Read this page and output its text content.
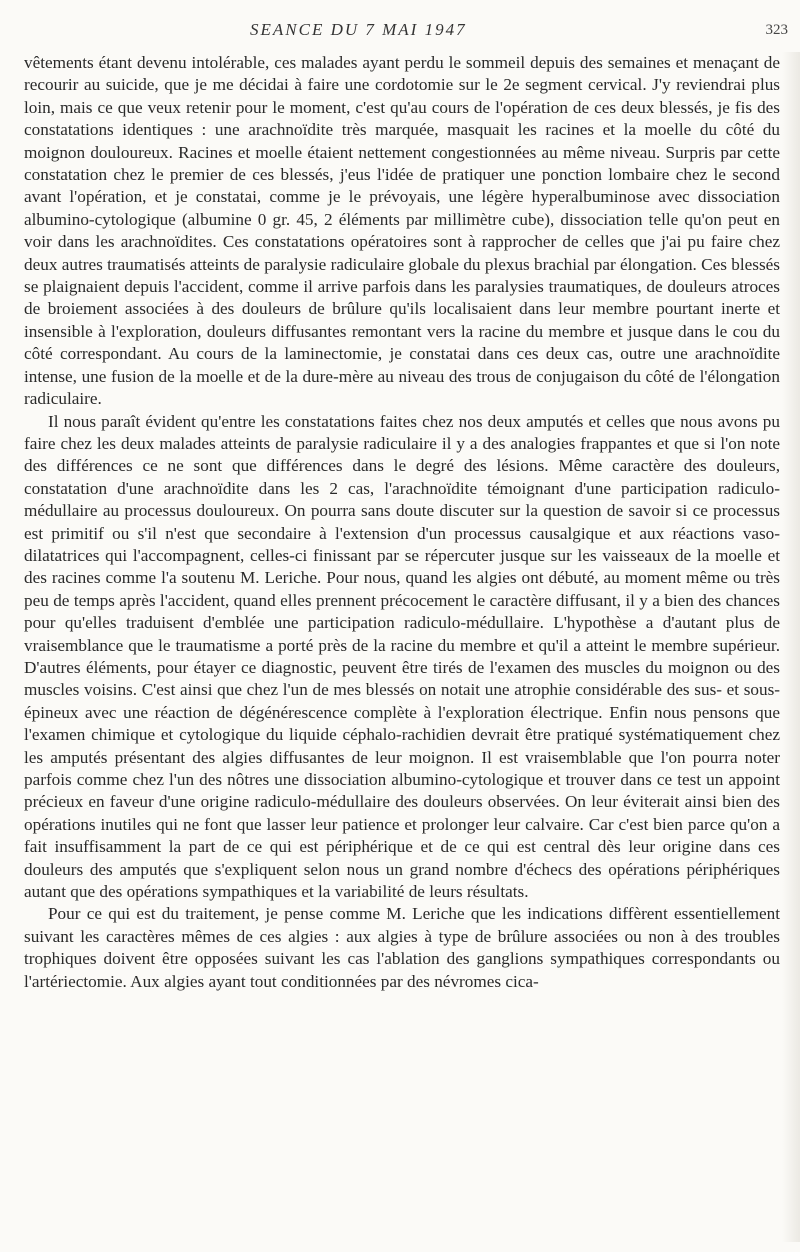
SEANCE DU 7 MAI 1947	323

vêtements étant devenu intolérable, ces malades ayant perdu le sommeil depuis des semaines et menaçant de recourir au suicide, que je me décidai à faire une cordotomie sur le 2e segment cervical. J'y reviendrai plus loin, mais ce que veux retenir pour le moment, c'est qu'au cours de l'opération de ces deux blessés, je fis des constatations identiques : une arachnoïdite très marquée, masquait les racines et la moelle du côté du moignon douloureux. Racines et moelle étaient nettement congestionnées au même niveau. Surpris par cette constatation chez le premier de ces blessés, j'eus l'idée de pratiquer une ponction lombaire chez le second avant l'opération, et je constatai, comme je le prévoyais, une légère hyperalbuminose avec dissociation albumino-cytologique (albumine 0 gr. 45, 2 éléments par millimètre cube), dissociation telle qu'on peut en voir dans les arachnoïdites. Ces constatations opératoires sont à rapprocher de celles que j'ai pu faire chez deux autres traumatisés atteints de paralysie radiculaire globale du plexus brachial par élongation. Ces blessés se plaignaient depuis l'accident, comme il arrive parfois dans les paralysies traumatiques, de douleurs atroces de broiement associées à des douleurs de brûlure qu'ils localisaient dans leur membre pourtant inerte et insensible à l'exploration, douleurs diffusantes remontant vers la racine du membre et jusque dans le cou du côté correspondant. Au cours de la laminectomie, je constatai dans ces deux cas, outre une arachnoïdite intense, une fusion de la moelle et de la dure-mère au niveau des trous de conjugaison du côté de l'élongation radiculaire.

Il nous paraît évident qu'entre les constatations faites chez nos deux amputés et celles que nous avons pu faire chez les deux malades atteints de paralysie radiculaire il y a des analogies frappantes et que si l'on note des différences ce ne sont que différences dans le degré des lésions. Même caractère des douleurs, constatation d'une arachnoïdite dans les 2 cas, l'arachnoïdite témoignant d'une participation radiculo-médullaire au processus douloureux. On pourra sans doute discuter sur la question de savoir si ce processus est primitif ou s'il n'est que secondaire à l'extension d'un processus causalgique et aux réactions vaso-dilatatrices qui l'accompagnent, celles-ci finissant par se répercuter jusque sur les vaisseaux de la moelle et des racines comme l'a soutenu M. Leriche. Pour nous, quand les algies ont débuté, au moment même ou très peu de temps après l'accident, quand elles prennent précocement le caractère diffusant, il y a bien des chances pour qu'elles traduisent d'emblée une participation radiculo-médullaire. L'hypothèse a d'autant plus de vraisemblance que le traumatisme a porté près de la racine du membre et qu'il a atteint le membre supérieur. D'autres éléments, pour étayer ce diagnostic, peuvent être tirés de l'examen des muscles du moignon ou des muscles voisins. C'est ainsi que chez l'un de mes blessés on notait une atrophie considérable des sus- et sous-épineux avec une réaction de dégénérescence complète à l'exploration électrique. Enfin nous pensons que l'examen chimique et cytologique du liquide céphalo-rachidien devrait être pratiqué systématiquement chez les amputés présentant des algies diffusantes de leur moignon. Il est vraisemblable que l'on pourra noter parfois comme chez l'un des nôtres une dissociation albumino-cytologique et trouver dans ce test un appoint précieux en faveur d'une origine radiculo-médullaire des douleurs observées. On leur éviterait ainsi bien des opérations inutiles qui ne font que lasser leur patience et prolonger leur calvaire. Car c'est bien parce qu'on a fait insuffisamment la part de ce qui est périphérique et de ce qui est central dès leur origine dans ces douleurs des amputés que s'expliquent selon nous un grand nombre d'échecs des opérations périphériques autant que des opérations sympathiques et la variabilité de leurs résultats.

Pour ce qui est du traitement, je pense comme M. Leriche que les indications diffèrent essentiellement suivant les caractères mêmes de ces algies : aux algies à type de brûlure associées ou non à des troubles trophiques doivent être opposées suivant les cas l'ablation des ganglions sympathiques correspondants ou l'artériectomie. Aux algies ayant tout conditionnées par des névromes cica-
